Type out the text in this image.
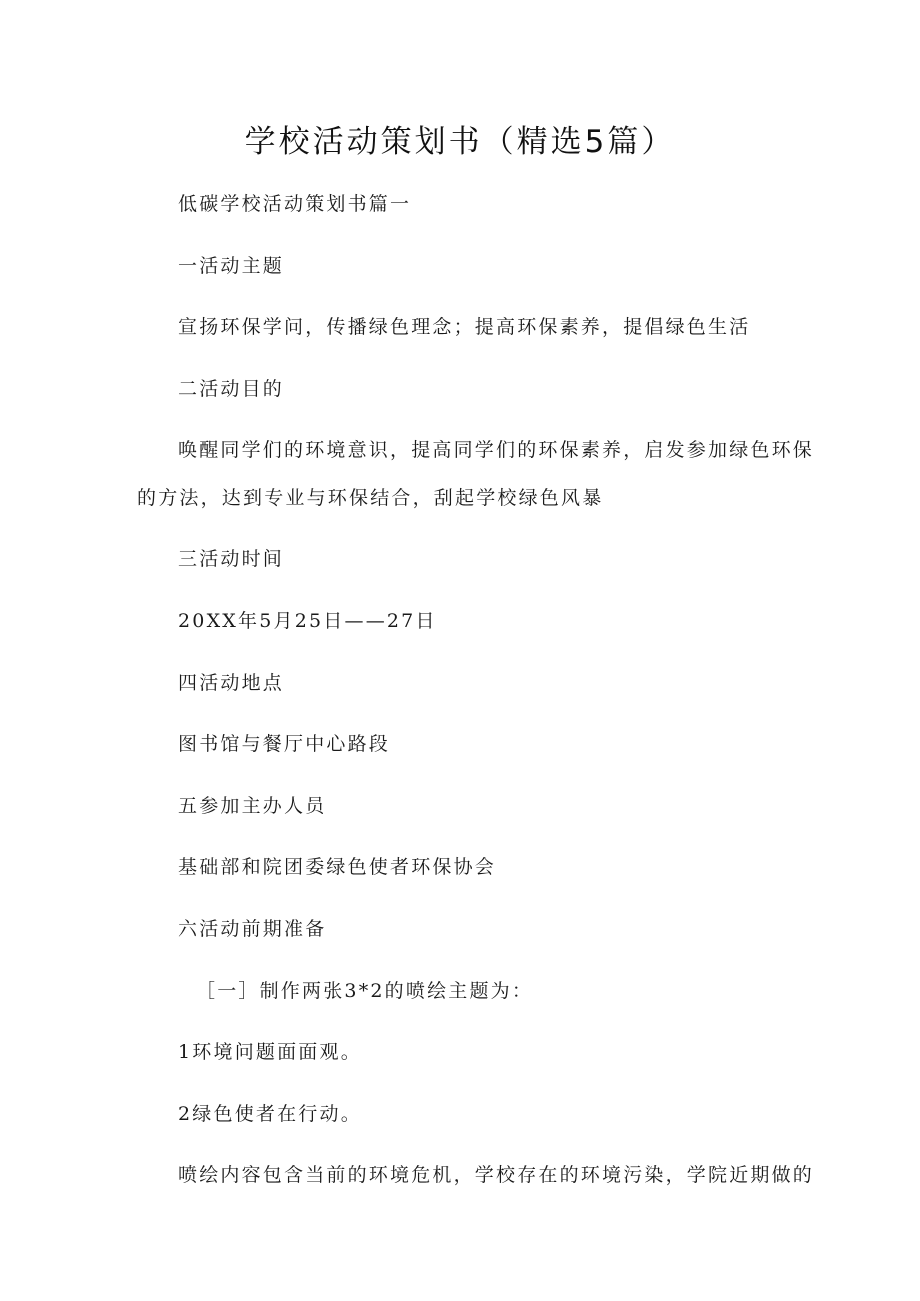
学校活动策划书（精选5篇）
低碳学校活动策划书篇一
一活动主题
宣扬环保学问，传播绿色理念；提高环保素养，提倡绿色生活
二活动目的
唤醒同学们的环境意识，提高同学们的环保素养，启发参加绿色环保
的方法，达到专业与环保结合，刮起学校绿色风暴
三活动时间
20XX年5月25日——27日
四活动地点
图书馆与餐厅中心路段
五参加主办人员
基础部和院团委绿色使者环保协会
六活动前期准备
［一］制作两张3*2的喷绘主题为：
1环境问题面面观。
2绿色使者在行动。
喷绘内容包含当前的环境危机，学校存在的环境污染，学院近期做的
